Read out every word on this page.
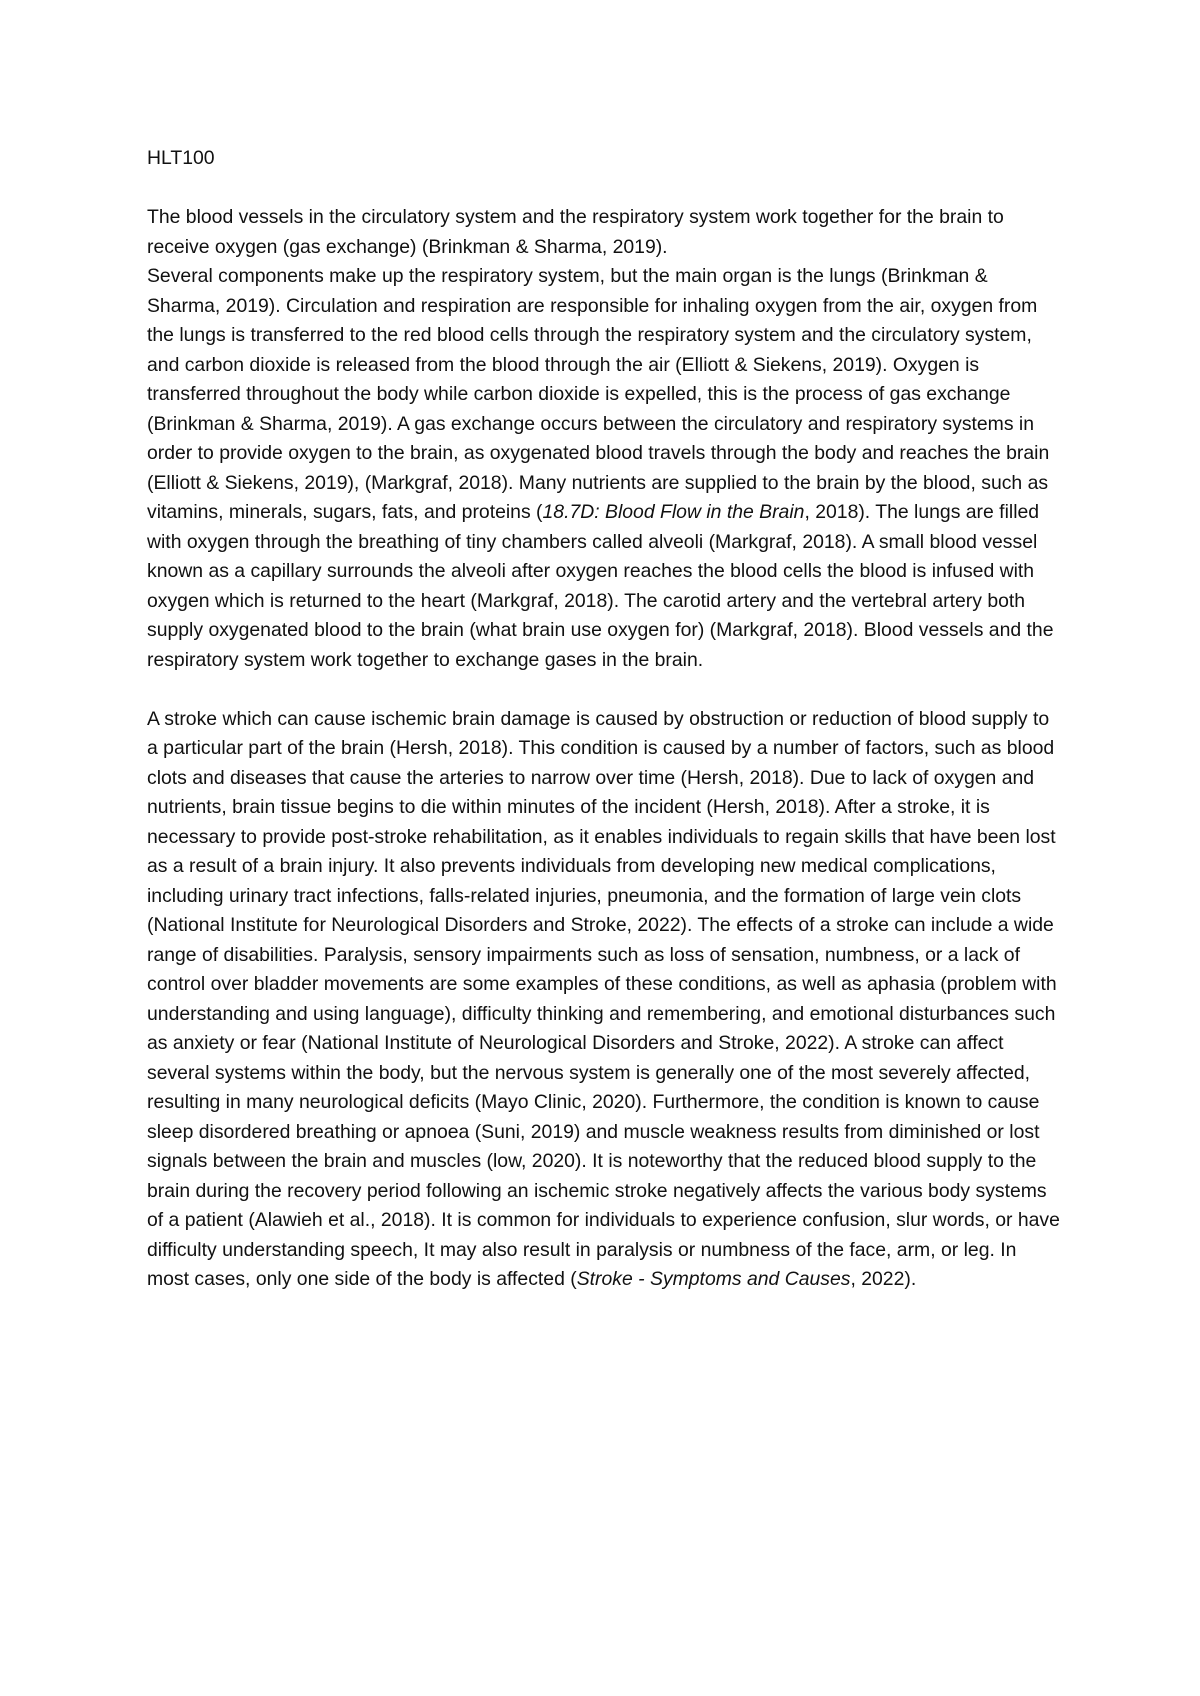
HLT100
The blood vessels in the circulatory system and the respiratory system work together for the brain to receive oxygen (gas exchange) (Brinkman & Sharma, 2019).
Several components make up the respiratory system, but the main organ is the lungs (Brinkman & Sharma, 2019). Circulation and respiration are responsible for inhaling oxygen from the air, oxygen from the lungs is transferred to the red blood cells through the respiratory system and the circulatory system, and carbon dioxide is released from the blood through the air (Elliott & Siekens, 2019). Oxygen is transferred throughout the body while carbon dioxide is expelled, this is the process of gas exchange (Brinkman & Sharma, 2019). A gas exchange occurs between the circulatory and respiratory systems in order to provide oxygen to the brain, as oxygenated blood travels through the body and reaches the brain (Elliott & Siekens, 2019), (Markgraf, 2018). Many nutrients are supplied to the brain by the blood, such as vitamins, minerals, sugars, fats, and proteins (18.7D: Blood Flow in the Brain, 2018). The lungs are filled with oxygen through the breathing of tiny chambers called alveoli (Markgraf, 2018). A small blood vessel known as a capillary surrounds the alveoli after oxygen reaches the blood cells the blood is infused with oxygen which is returned to the heart (Markgraf, 2018). The carotid artery and the vertebral artery both supply oxygenated blood to the brain (what brain use oxygen for) (Markgraf, 2018). Blood vessels and the respiratory system work together to exchange gases in the brain.
A stroke which can cause ischemic brain damage is caused by obstruction or reduction of blood supply to a particular part of the brain (Hersh, 2018). This condition is caused by a number of factors, such as blood clots and diseases that cause the arteries to narrow over time (Hersh, 2018). Due to lack of oxygen and nutrients, brain tissue begins to die within minutes of the incident (Hersh, 2018). After a stroke, it is necessary to provide post-stroke rehabilitation, as it enables individuals to regain skills that have been lost as a result of a brain injury. It also prevents individuals from developing new medical complications, including urinary tract infections, falls-related injuries, pneumonia, and the formation of large vein clots (National Institute for Neurological Disorders and Stroke, 2022). The effects of a stroke can include a wide range of disabilities. Paralysis, sensory impairments such as loss of sensation, numbness, or a lack of control over bladder movements are some examples of these conditions, as well as aphasia (problem with understanding and using language), difficulty thinking and remembering, and emotional disturbances such as anxiety or fear (National Institute of Neurological Disorders and Stroke, 2022). A stroke can affect several systems within the body, but the nervous system is generally one of the most severely affected, resulting in many neurological deficits (Mayo Clinic, 2020). Furthermore, the condition is known to cause sleep disordered breathing or apnoea (Suni, 2019) and muscle weakness results from diminished or lost signals between the brain and muscles (low, 2020). It is noteworthy that the reduced blood supply to the brain during the recovery period following an ischemic stroke negatively affects the various body systems of a patient (Alawieh et al., 2018). It is common for individuals to experience confusion, slur words, or have difficulty understanding speech, It may also result in paralysis or numbness of the face, arm, or leg. In most cases, only one side of the body is affected (Stroke - Symptoms and Causes, 2022).
